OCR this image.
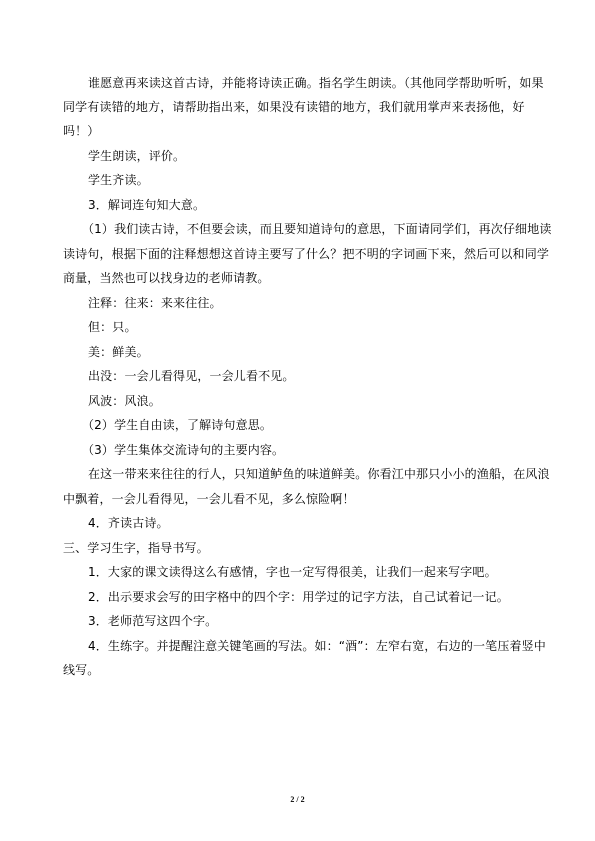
谁愿意再来读这首古诗，并能将诗读正确。指名学生朗读。（其他同学帮助听听，如果
同学有读错的地方，请帮助指出来，如果没有读错的地方，我们就用掌声来表扬他，好
吗！）
学生朗读，评价。
学生齐读。
3．解词连句知大意。
（1）我们读古诗，不但要会读，而且要知道诗句的意思，下面请同学们，再次仔细地读
读诗句，根据下面的注释想想这首诗主要写了什么？把不明的字词画下来，然后可以和同学
商量，当然也可以找身边的老师请教。
注释：往来：来来往往。
但：只。
美：鲜美。
出没：一会儿看得见，一会儿看不见。
风波：风浪。
（2）学生自由读，了解诗句意思。
（3）学生集体交流诗句的主要内容。
在这一带来来往往的行人，只知道鲈鱼的味道鲜美。你看江中那只小小的渔船，在风浪
中飘着，一会儿看得见，一会儿看不见，多么惊险啊！
4．齐读古诗。
三、学习生字，指导书写。
1．大家的课文读得这么有感情，字也一定写得很美，让我们一起来写字吧。
2．出示要求会写的田字格中的四个字：用学过的记字方法，自己试着记一记。
3．老师范写这四个字。
4．生练字。并提醒注意关键笔画的写法。如：“酒”：左窄右宽，右边的一笔压着竖中
线写。
2 / 2
